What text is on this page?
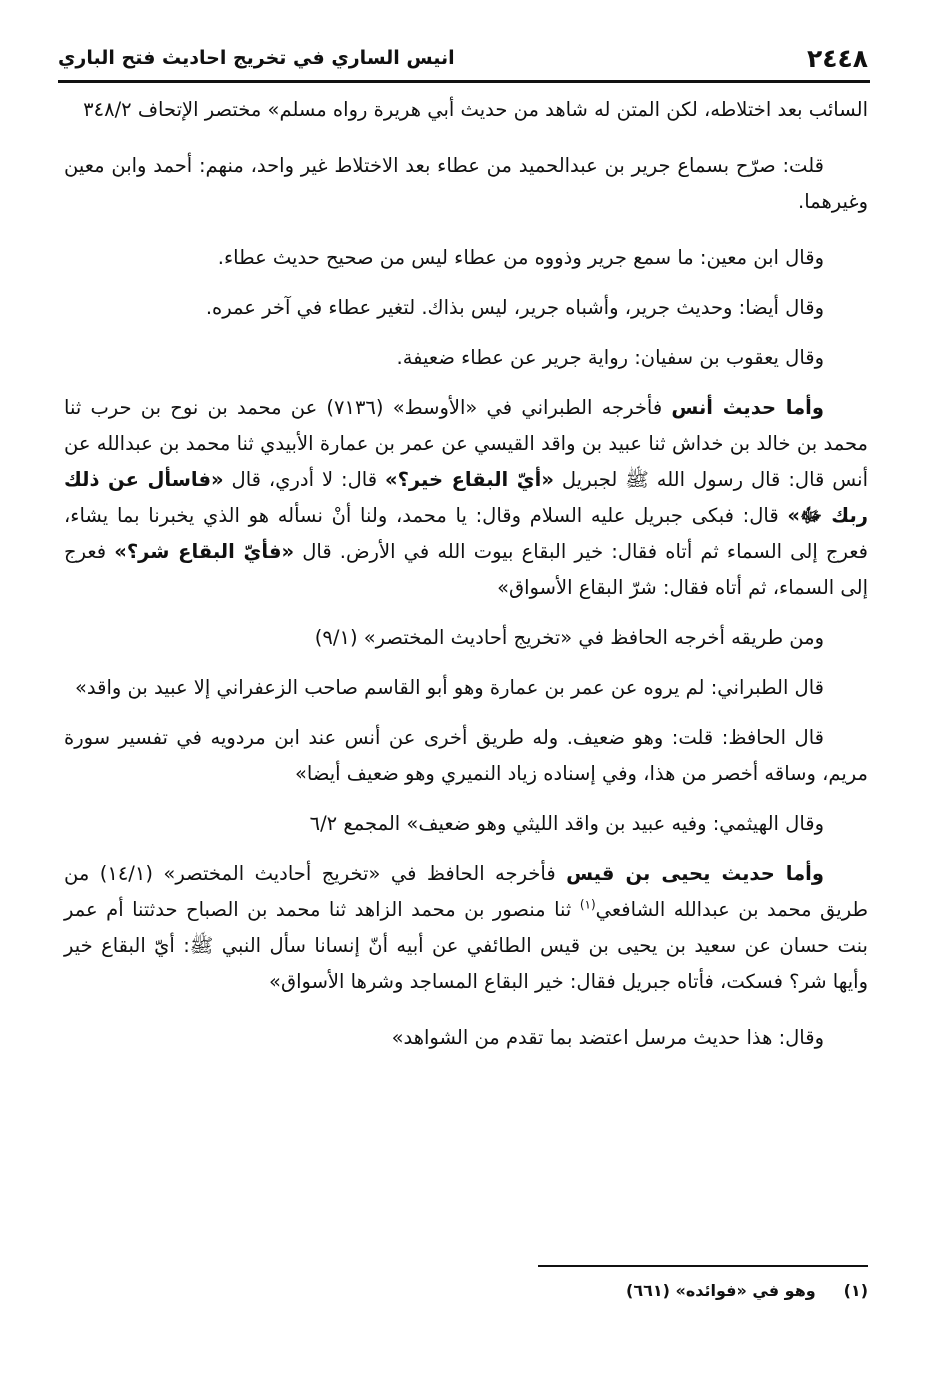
٢٤٤٨
انيس الساري في تخريج احاديث فتح الباري

السائب بعد اختلاطه، لكن المتن له شاهد من حديث أبي هريرة رواه مسلم» مختصر الإتحاف ٣٤٨/٢

قلت: صرّح بسماع جرير بن عبدالحميد من عطاء بعد الاختلاط غير واحد، منهم: أحمد وابن معين وغيرهما.

وقال ابن معين: ما سمع جرير وذووه من عطاء ليس من صحيح حديث عطاء.

وقال أيضا: وحديث جرير، وأشباه جرير، ليس بذاك. لتغير عطاء في آخر عمره.

وقال يعقوب بن سفيان: رواية جرير عن عطاء ضعيفة.

وأما حديث أنس فأخرجه الطبراني في «الأوسط» (٧١٣٦) عن محمد بن نوح بن حرب ثنا محمد بن خالد بن خداش ثنا عبيد بن واقد القيسي عن عمر بن عمارة الأبيدي ثنا محمد بن عبدالله عن أنس قال: قال رسول الله ﷺ لجبريل «أيّ البقاع خير؟» قال: لا أدري، قال «فاسأل عن ذلك ربك ﷻ» قال: فبكى جبريل عليه السلام وقال: يا محمد، ولنا أنْ نسأله هو الذي يخبرنا بما يشاء، فعرج إلى السماء ثم أتاه فقال: خير البقاع بيوت الله في الأرض. قال «فأيّ البقاع شر؟» فعرج إلى السماء، ثم أتاه فقال: شرّ البقاع الأسواق»

ومن طريقه أخرجه الحافظ في «تخريج أحاديث المختصر» (٩/١)

قال الطبراني: لم يروه عن عمر بن عمارة وهو أبو القاسم صاحب الزعفراني إلا عبيد بن واقد»

قال الحافظ: قلت: وهو ضعيف. وله طريق أخرى عن أنس عند ابن مردويه في تفسير سورة مريم، وساقه أخصر من هذا، وفي إسناده زياد النميري وهو ضعيف أيضا»

وقال الهيثمي: وفيه عبيد بن واقد الليثي وهو ضعيف» المجمع ٦/٢

وأما حديث يحيى بن قيس فأخرجه الحافظ في «تخريج أحاديث المختصر» (١٤/١) من طريق محمد بن عبدالله الشافعي$^{(١)}$ ثنا منصور بن محمد الزاهد ثنا محمد بن الصباح حدثتنا أم عمر بنت حسان عن سعيد بن يحيى بن قيس الطائفي عن أبيه أنّ إنسانا سأل النبي ﷺ: أيّ البقاع خير وأيها شر؟ فسكت، فأتاه جبريل فقال: خير البقاع المساجد وشرها الأسواق»

وقال: هذا حديث مرسل اعتضد بما تقدم من الشواهد»

(١)     وهو في «فوائده» (٦٦١)
